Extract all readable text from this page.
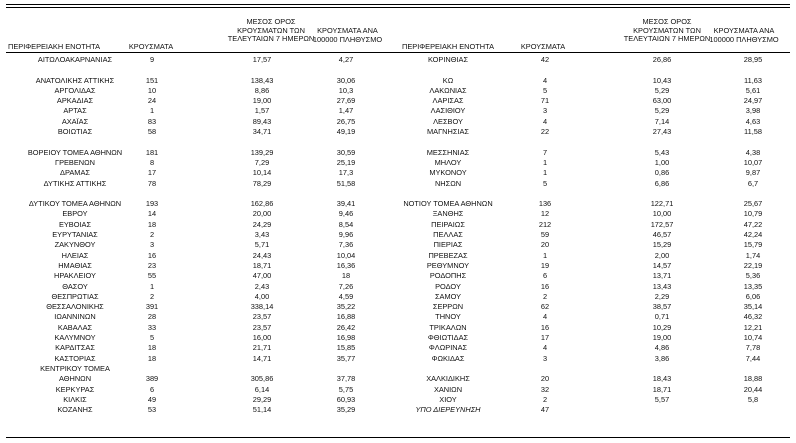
ΠΕΡΙΦΕΡΕΙΑΚΗ ΕΝΟΤΗΤΑ	ΚΡΟΥΣΜΑΤΑ
ΜΕΣΟΣ ΟΡΟΣ
ΚΡΟΥΣΜΑΤΩΝ ΤΩΝ
ΤΕΛΕΥΤΑΙΩΝ 7 ΗΜΕΡΩΝ
ΚΡΟΥΣΜΑΤΑ ΑΝΑ
100000 ΠΛΗΘΥΣΜΟ
ΑΙΤΩΛΟΑΚΑΡΝΑΝΙΑΣ	9	17,57	4,27
ΑΝΑΤΟΛΙΚΗΣ ΑΤΤΙΚΗΣ	151	138,43	30,06
ΑΡΓΟΛΙΔΑΣ	10	8,86	10,3
ΑΡΚΑΔΙΑΣ	24	19,00	27,69
ΑΡΤΑΣ	1	1,57	1,47
ΑΧΑΪΑΣ	83	89,43	26,75
ΒΟΙΩΤΙΑΣ	58	34,71	49,19
ΒΟΡΕΙΟΥ ΤΟΜΕΑ ΑΘΗΝΩΝ	181	139,29	30,59
ΓΡΕΒΕΝΩΝ	8	7,29	25,19
ΔΡΑΜΑΣ	17	10,14	17,3
ΔΥΤΙΚΗΣ ΑΤΤΙΚΗΣ	78	78,29	51,58
ΔΥΤΙΚΟΥ ΤΟΜΕΑ ΑΘΗΝΩΝ	193	162,86	39,41
ΕΒΡΟΥ	14	20,00	9,46
ΕΥΒΟΙΑΣ	18	24,29	8,54
ΕΥΡΥΤΑΝΙΑΣ	2	3,43	9,96
ΖΑΚΥΝΘΟΥ	3	5,71	7,36
ΗΛΕΙΑΣ	16	24,43	10,04
ΗΜΑΘΙΑΣ	23	18,71	16,36
ΗΡΑΚΛΕΙΟΥ	55	47,00	18
ΘΑΣΟΥ	1	2,43	7,26
ΘΕΣΠΡΩΤΙΑΣ	2	4,00	4,59
ΘΕΣΣΑΛΟΝΙΚΗΣ	391	338,14	35,22
ΙΩΑΝΝΙΝΩΝ	28	23,57	16,88
ΚΑΒΑΛΑΣ	33	23,57	26,42
ΚΑΛΥΜΝΟΥ	5	16,00	16,98
ΚΑΡΔΙΤΣΑΣ	18	21,71	15,85
ΚΑΣΤΟΡΙΑΣ	18	14,71	35,77
ΚΕΝΤΡΙΚΟΥ ΤΟΜΕΑ
ΑΘΗΝΩΝ	389	305,86	37,78
ΚΕΡΚΥΡΑΣ	6	6,14	5,75
ΚΙΛΚΙΣ	49	29,29	60,93
ΚΟΖΑΝΗΣ	53	51,14	35,29
ΠΕΡΙΦΕΡΕΙΑΚΗ ΕΝΟΤΗΤΑ	ΚΡΟΥΣΜΑΤΑ
ΜΕΣΟΣ ΟΡΟΣ
ΚΡΟΥΣΜΑΤΩΝ ΤΩΝ
ΤΕΛΕΥΤΑΙΩΝ 7 ΗΜΕΡΩΝ
ΚΡΟΥΣΜΑΤΑ ΑΝΑ
100000 ΠΛΗΘΥΣΜΟ
ΚΟΡΙΝΘΙΑΣ	42	26,86	28,95
ΚΩ	4	10,43	11,63
ΛΑΚΩΝΙΑΣ	5	5,29	5,61
ΛΑΡΙΣΑΣ	71	63,00	24,97
ΛΑΣΙΘΙΟΥ	3	5,29	3,98
ΛΕΣΒΟΥ	4	7,14	4,63
ΜΑΓΝΗΣΙΑΣ	22	27,43	11,58
ΜΕΣΣΗΝΙΑΣ	7	5,43	4,38
ΜΗΛΟΥ	1	1,00	10,07
ΜΥΚΟΝΟΥ	1	0,86	9,87
ΝΗΣΩΝ	5	6,86	6,7
ΝΟΤΙΟΥ ΤΟΜΕΑ ΑΘΗΝΩΝ	136	122,71	25,67
ΞΑΝΘΗΣ	12	10,00	10,79
ΠΕΙΡΑΙΩΣ	212	172,57	47,22
ΠΕΛΛΑΣ	59	46,57	42,24
ΠΙΕΡΙΑΣ	20	15,29	15,79
ΠΡΕΒΕΖΑΣ	1	2,00	1,74
ΡΕΘΥΜΝΟΥ	19	14,57	22,19
ΡΟΔΟΠΗΣ	6	13,71	5,36
ΡΟΔΟΥ	16	13,43	13,35
ΣΑΜΟΥ	2	2,29	6,06
ΣΕΡΡΩΝ	62	38,57	35,14
ΤΗΝΟΥ	4	0,71	46,32
ΤΡΙΚΑΛΩΝ	16	10,29	12,21
ΦΘΙΩΤΙΔΑΣ	17	19,00	10,74
ΦΛΩΡΙΝΑΣ	4	4,86	7,78
ΦΩΚΙΔΑΣ	3	3,86	7,44
ΧΑΛΚΙΔΙΚΗΣ	20	18,43	18,88
ΧΑΝΙΩΝ	32	18,71	20,44
ΧΙΟΥ	2	5,57	5,8
ΥΠΟ ΔΙΕΡΕΥΝΗΣΗ	47
